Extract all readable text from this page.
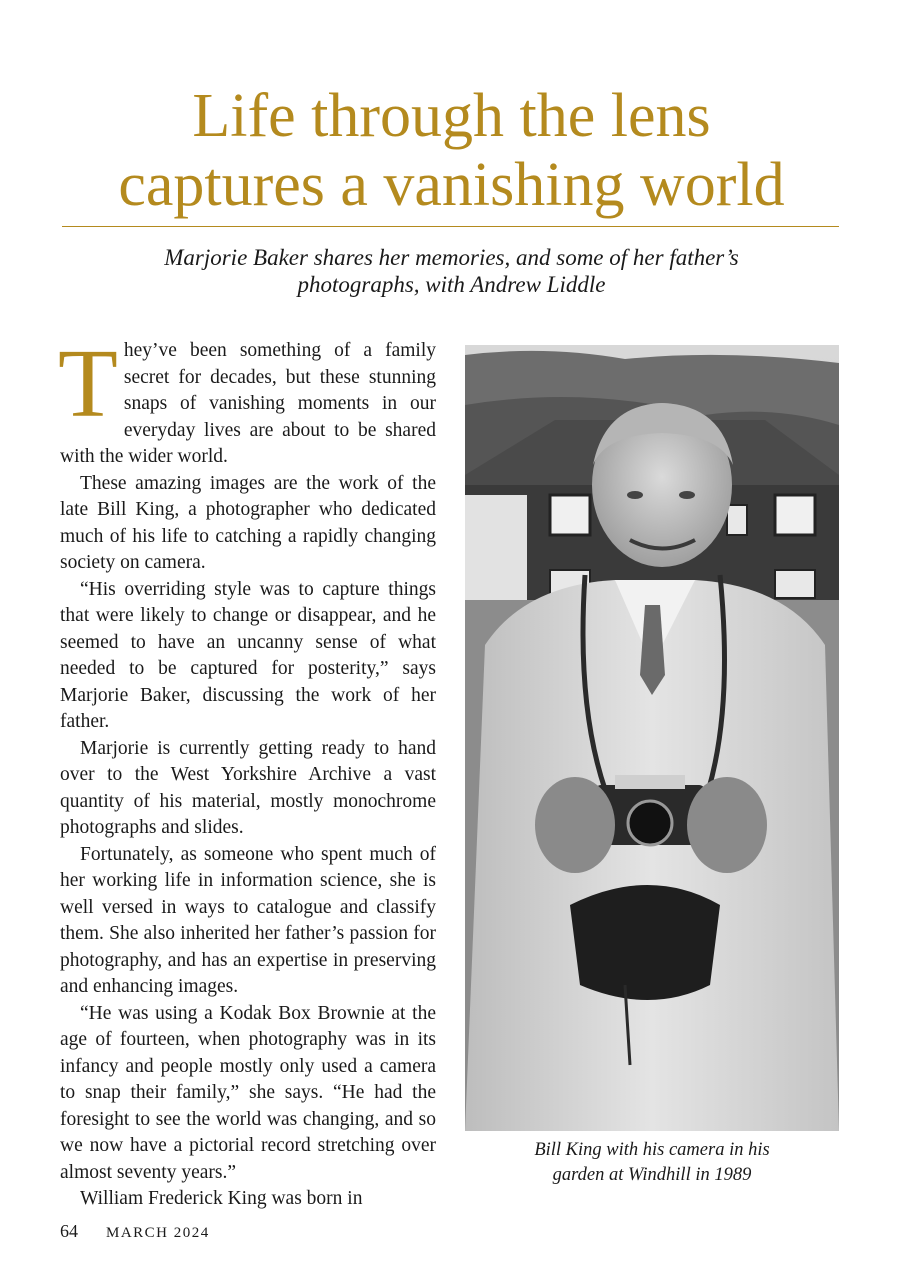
Life through the lens
captures a vanishing world

Marjorie Baker shares her memories, and some of her father’s
photographs, with Andrew Liddle

They’ve been something of a family secret for decades, but these stunning snaps of vanishing moments in our everyday lives are about to be shared with the wider world.

These amazing images are the work of the late Bill King, a photographer who dedicated much of his life to catching a rapidly changing society on camera.

“His overriding style was to capture things that were likely to change or disappear, and he seemed to have an uncanny sense of what needed to be captured for posterity,” says Marjorie Baker, discussing the work of her father.

Marjorie is currently getting ready to hand over to the West Yorkshire Archive a vast quantity of his material, mostly monochrome photographs and slides.

Fortunately, as someone who spent much of her working life in information science, she is well versed in ways to catalogue and classify them. She also inherited her father’s passion for photography, and has an expertise in preserving and enhancing images.

“He was using a Kodak Box Brownie at the age of fourteen, when photography was in its infancy and people mostly only used a camera to snap their family,” she says. “He had the foresight to see the world was changing, and so we now have a pictorial record stretching over almost seventy years.”

William Frederick King was born in

Bill King with his camera in his
garden at Windhill in 1989

64 MARCH 2024
